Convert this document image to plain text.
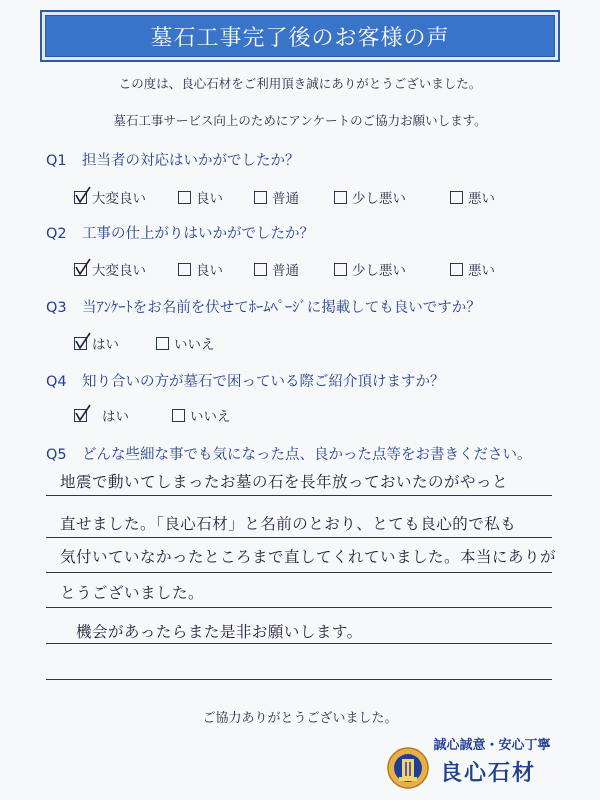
墓石工事完了後のお客様の声
この度は、良心石材をご利用頂き誠にありがとうございました。
墓石工事サービス向上のためにアンケートのご協力お願いします。
Q1 担当者の対応はいかがでしたか？
大変良い	良い	普通	少し悪い	悪い
Q2 工事の仕上がりはいかがでしたか？
大変良い	良い	普通	少し悪い	悪い
Q3 当ｱﾝｹｰﾄをお名前を伏せてﾎｰﾑﾍﾟｰｼﾞに掲載しても良いですか？
はい	いいえ
Q4 知り合いの方が墓石で困っている際ご紹介頂けますか？
はい	いいえ
Q5 どんな些細な事でも気になった点、良かった点等をお書きください。
地震で動いてしまったお墓の石を長年放っておいたのがやっと
直せました。「良心石材」と名前のとおり、とても良心的で私も
気付いていなかったところまで直してくれていました。本当にありが
とうございました。
　機会があったらまた是非お願いします。
ご協力ありがとうございました。
誠心誠意・安心丁寧
良心石材
